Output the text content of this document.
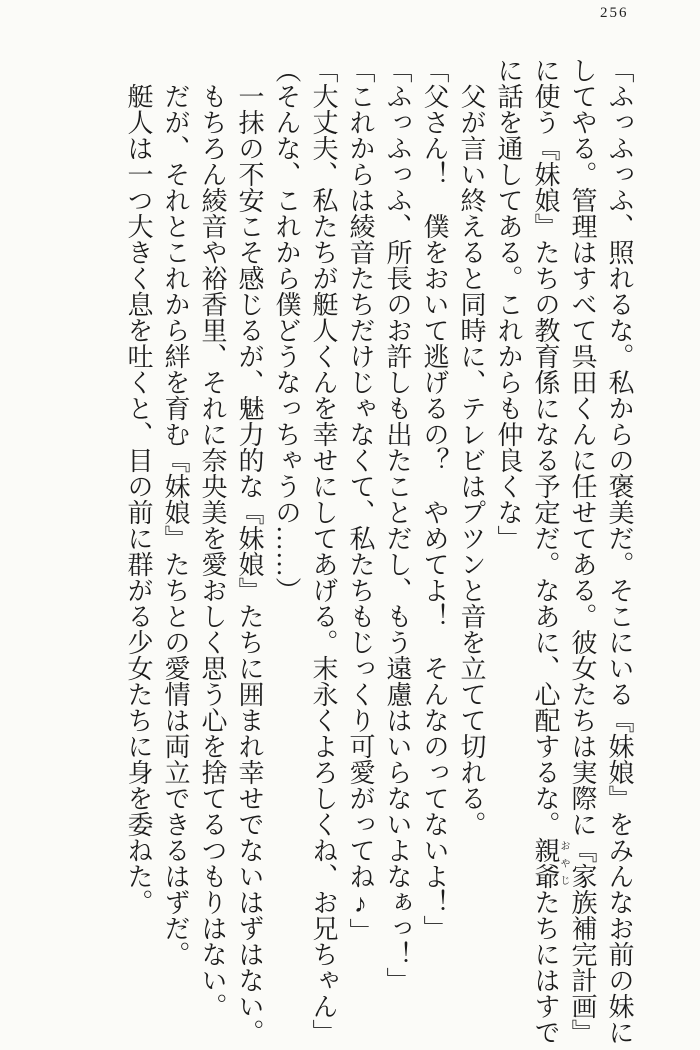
256

「ふっふっふ、照れるな。私からの褒美だ。そこにいる『妹娘』をみんなお前の妹にしてやる。管理はすべて呉田くんに任せてある。彼女たちは実際に『家族補完計画』に使う『妹娘』たちの教育係になる予定だ。なあに、心配するな。親爺おやじたちにはすでに話を通してある。これからも仲良くな」

父が言い終えると同時に、テレビはプツンと音を立てて切れる。

「父さん！　僕をおいて逃げるの？　やめてよ！　そんなのってないよ！」

「ふっふっふ、所長のお許しも出たことだし、もう遠慮はいらないよなぁっ！」

「これからは綾音たちだけじゃなくて、私たちもじっくり可愛がってね♪」

「大丈夫、私たちが艇人くんを幸せにしてあげる。末永くよろしくね、お兄ちゃん」

（そんな、これから僕どうなっちゃうの……）

一抹の不安こそ感じるが、魅力的な『妹娘』たちに囲まれ幸せでないはずはない。

もちろん綾音や裕香里、それに奈央美を愛おしく思う心を捨てるつもりはない。

だが、それとこれから絆を育む『妹娘』たちとの愛情は両立できるはずだ。

艇人は一つ大きく息を吐くと、目の前に群がる少女たちに身を委ねた。
